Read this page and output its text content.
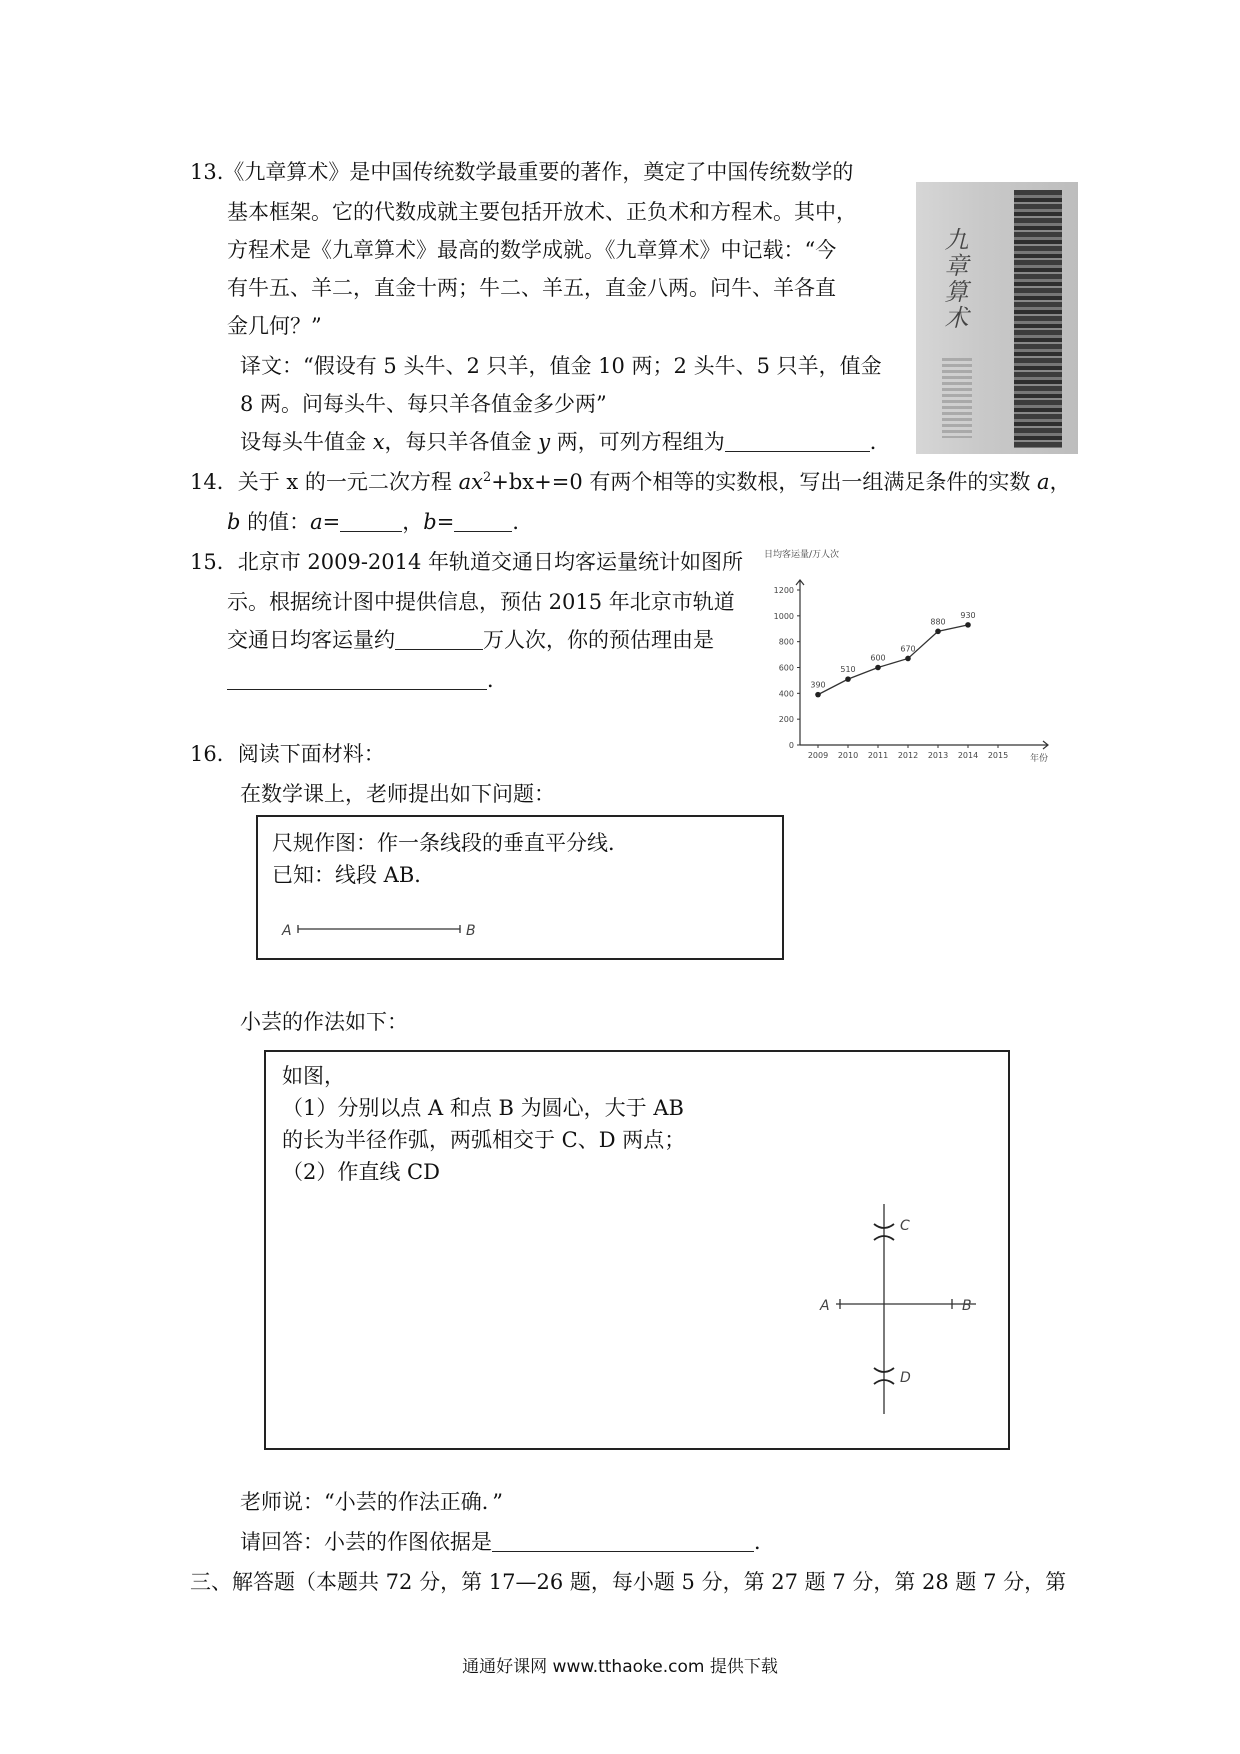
13.《九章算术》是中国传统数学最重要的著作，奠定了中国传统数学的
基本框架。它的代数成就主要包括开放术、正负术和方程术。其中，
方程术是《九章算术》最高的数学成就。《九章算术》中记载：“今
有牛五、羊二，直金十两；牛二、羊五，直金八两。问牛、羊各直
金几何？”
译文：“假设有 5 头牛、2 只羊，值金 10 两；2 头牛、5 只羊，值金
8 两。问每头牛、每只羊各值金多少两”
设每头牛值金 x，每只羊各值金 y 两，可列方程组为	．
九章算术
14．关于 x 的一元二次方程 $ax^2+bx+=0$ 有两个相等的实数根，写出一组满足条件的实数 a，
b 的值：a=	，b=	．
15．北京市 2009-2014 年轨道交通日均客运量统计如图所
示。根据统计图中提供信息，预估 2015 年北京市轨道
交通日均客运量约	万人次，你的预估理由是
．
日均客运量/万人次
年份
0
200
400
600
800
1000
1200
2009 2010 2011 2012 2013 2014 2015
390
510
600
670
880
930
16．阅读下面材料：
在数学课上，老师提出如下问题：
尺规作图：作一条线段的垂直平分线．
已知：线段 AB．
A	B
小芸的作法如下：
如图，
（1）分别以点 A 和点 B 为圆心，大于 AB
的长为半径作弧，两弧相交于 C、D 两点；
（2）作直线 CD
A	B
C
D
老师说：“小芸的作法正确．”
请回答：小芸的作图依据是	．
三、解答题（本题共 72 分，第 17—26 题，每小题 5 分，第 27 题 7 分，第 28 题 7 分，第
通通好课网 www.tthaoke.com 提供下载
